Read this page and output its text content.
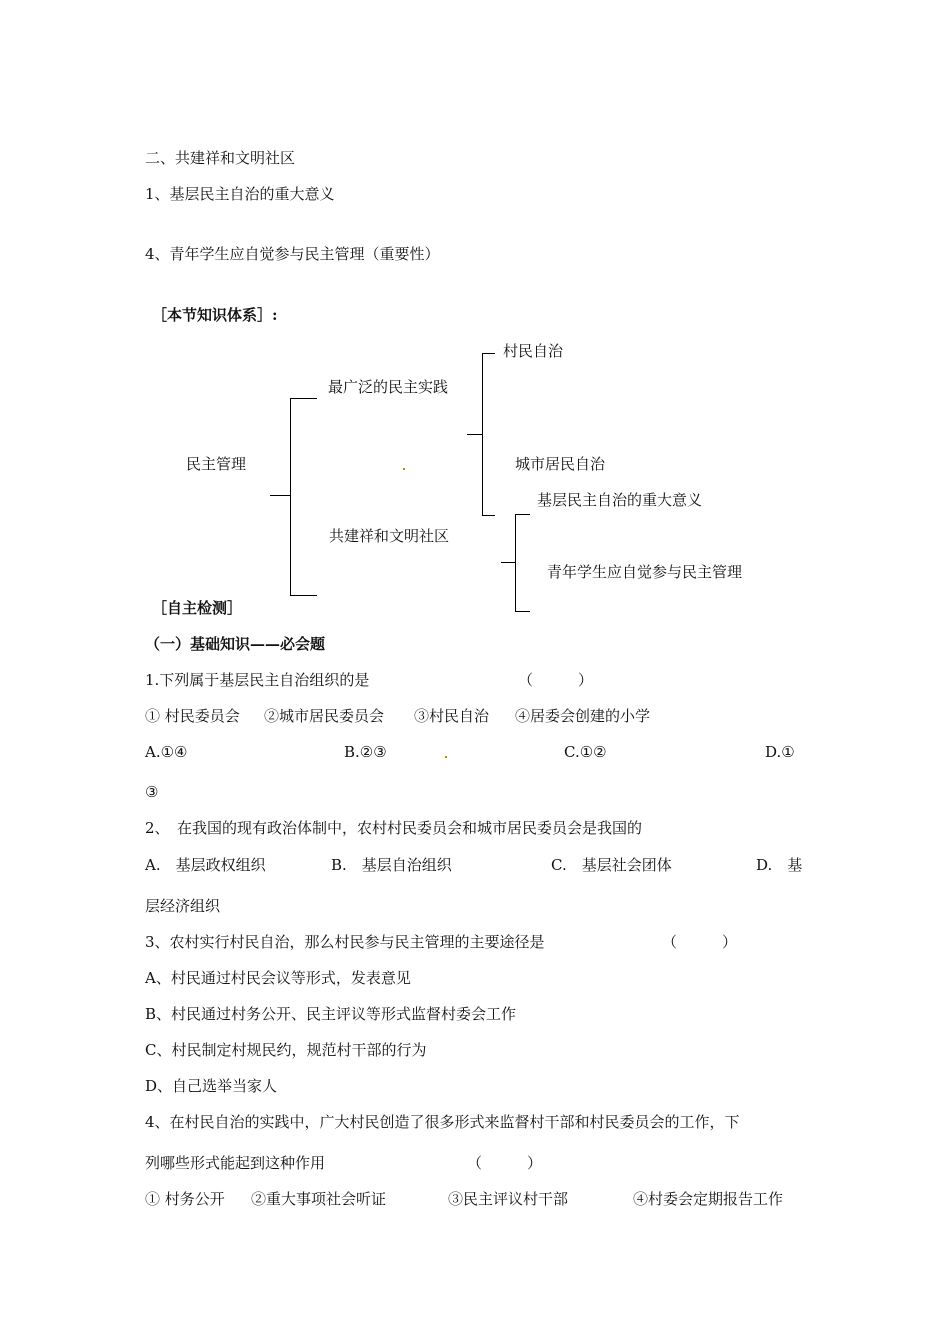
二、共建祥和文明社区
1、基层民主自治的重大意义
4、青年学生应自觉参与民主管理（重要性）
［本节知识体系］:
民主管理
最广泛的民主实践
共建祥和文明社区
村民自治
城市居民自治
基层民主自治的重大意义
青年学生应自觉参与民主管理
［自主检测］
（一）基础知识——必会题
1.下列属于基层民主自治组织的是	（　　　）
① 村民委员会 ②城市居民委员会 ③村民自治 ④居委会创建的小学
A.①④	B.②③	C.①②	D.①
③
2、　在我国的现有政治体制中，农村村民委员会和城市居民委员会是我国的
A.　基层政权组织	B.　基层自治组织	C.　基层社会团体	D.　基
层经济组织
3、农村实行村民自治，那么村民参与民主管理的主要途径是	（　　　）
A、村民通过村民会议等形式，发表意见
B、村民通过村务公开、民主评议等形式监督村委会工作
C、村民制定村规民约，规范村干部的行为
D、自己选举当家人
4、在村民自治的实践中，广大村民创造了很多形式来监督村干部和村民委员会的工作，下
列哪些形式能起到这种作用	（　　　）
① 村务公开 ②重大事项社会听证	③民主评议村干部	④村委会定期报告工作
